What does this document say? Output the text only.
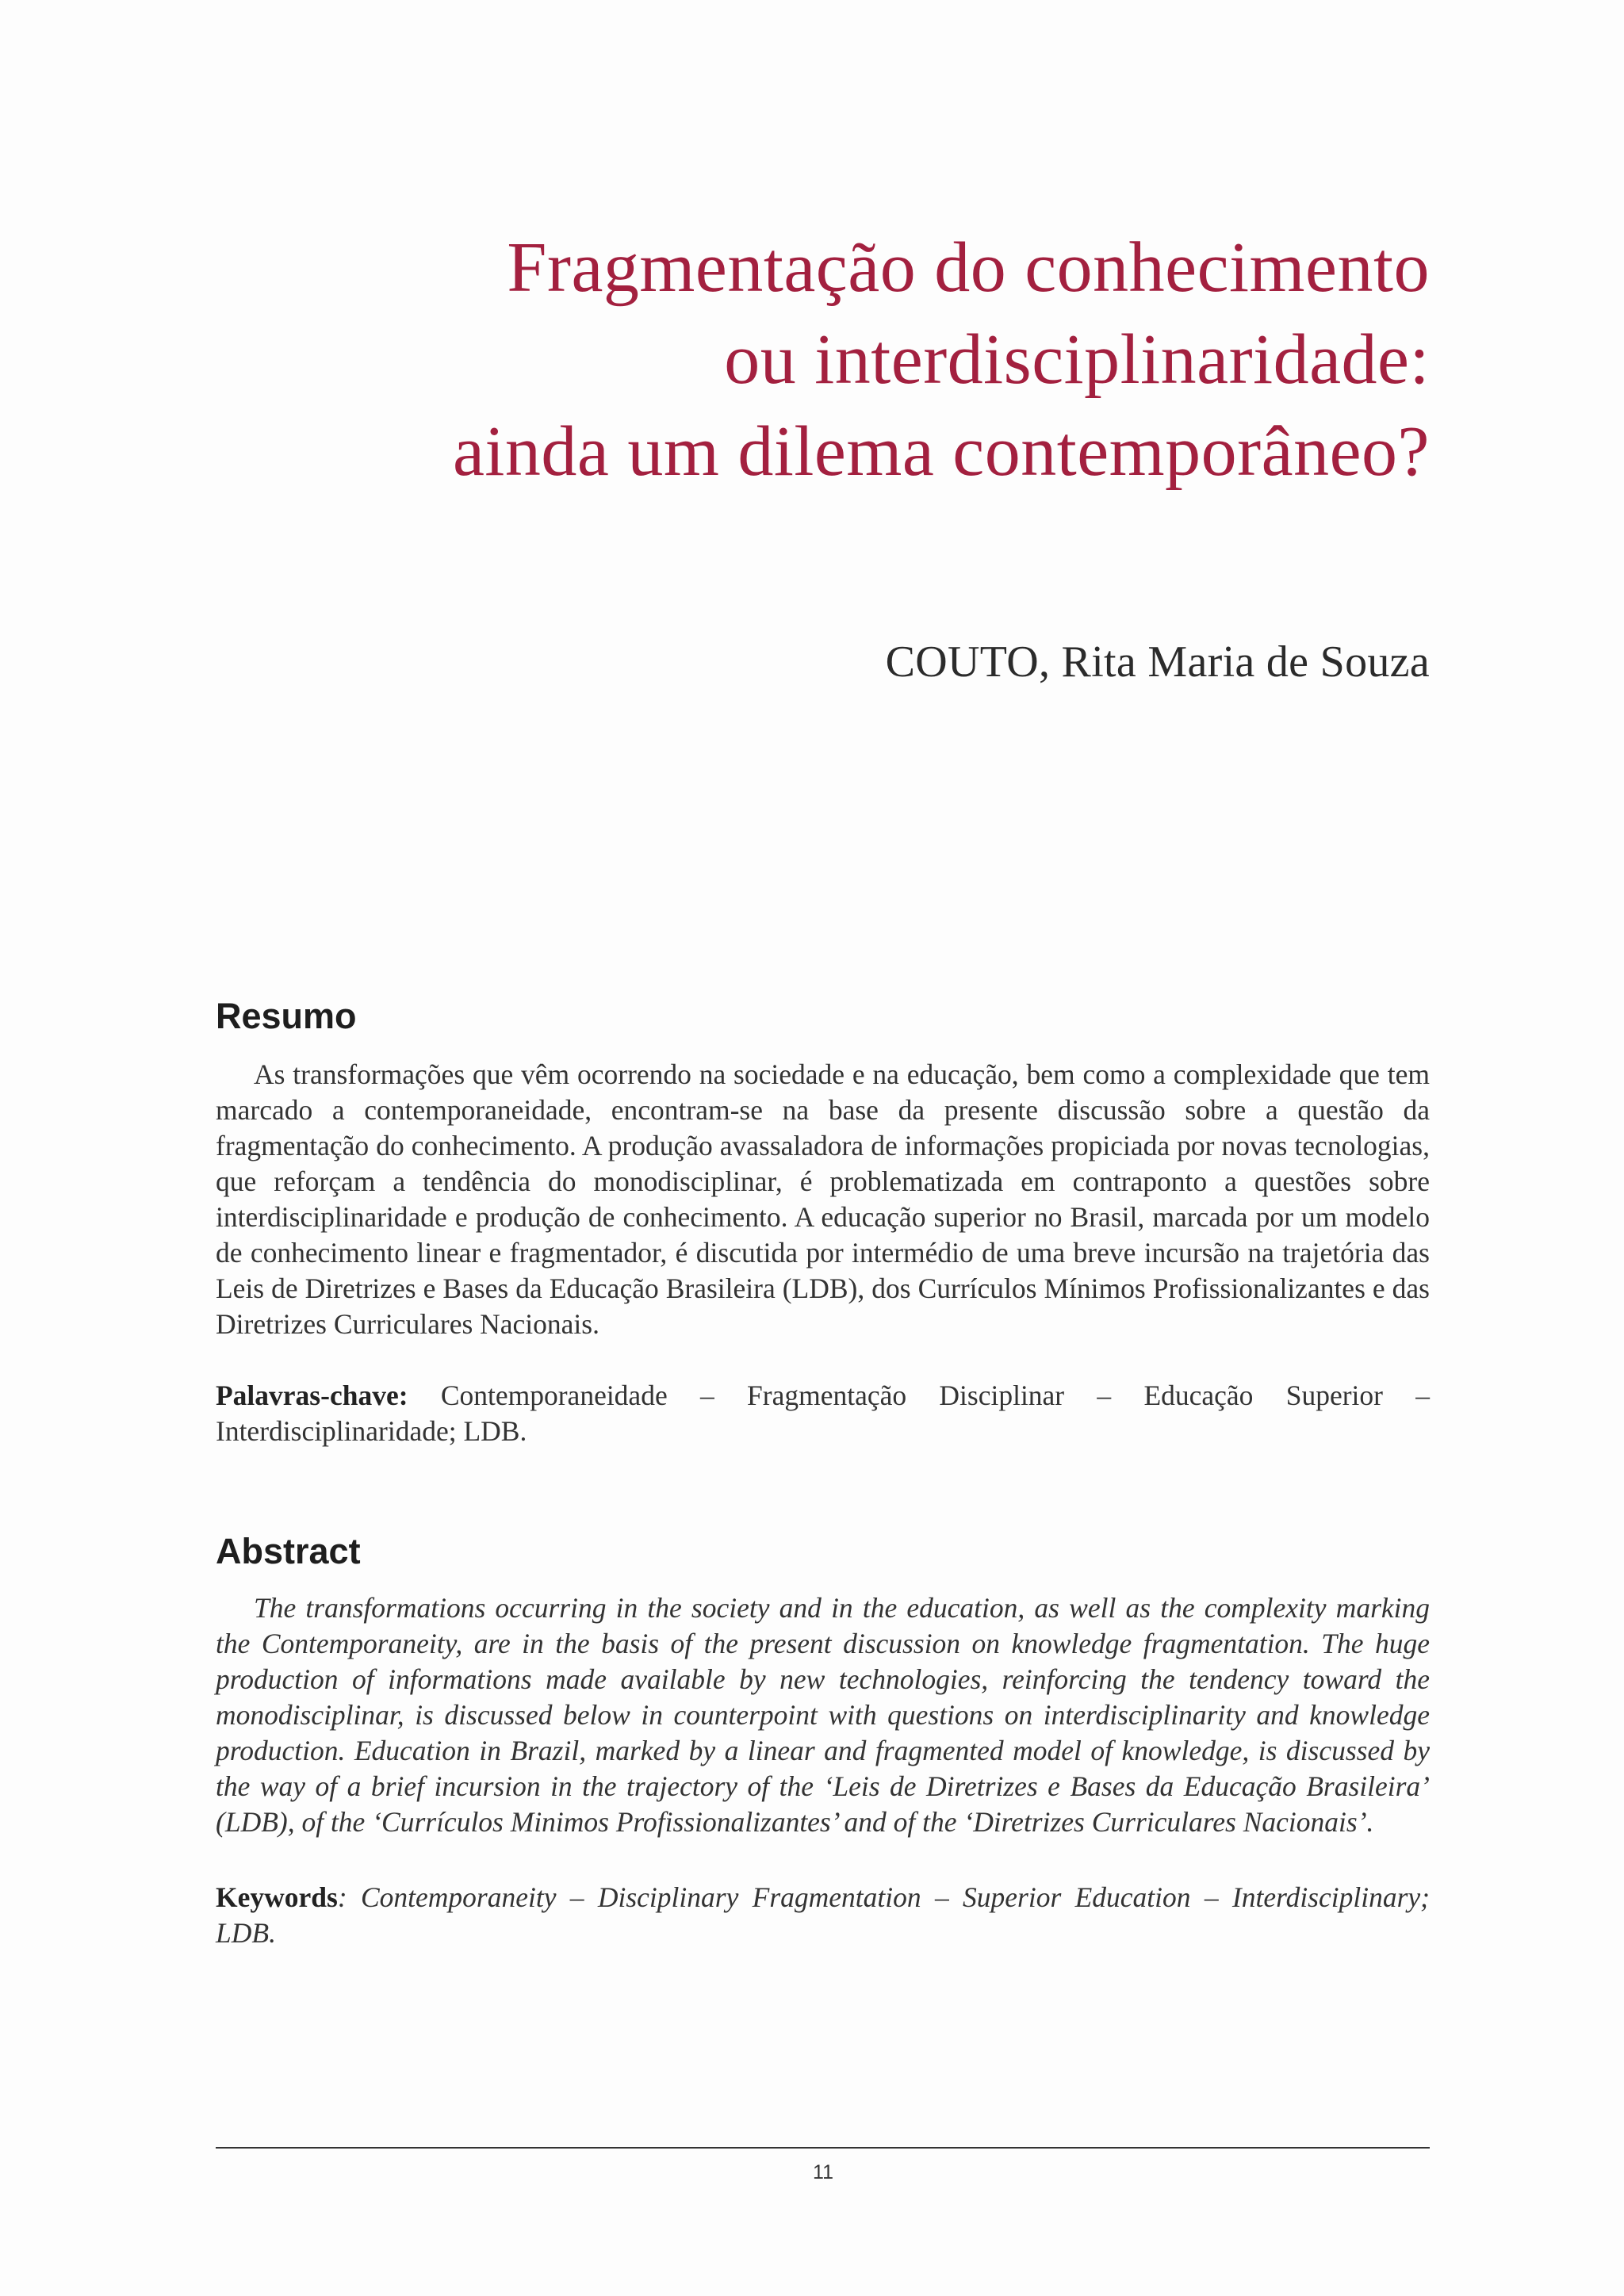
Fragmentação do conhecimento
ou interdisciplinaridade:
ainda um dilema contemporâneo?
COUTO, Rita Maria de Souza
Resumo

As transformações que vêm ocorrendo na sociedade e na educação, bem como a complexidade que tem marcado a contemporaneidade, encontram-se na base da presente discussão sobre a questão da fragmentação do conhecimento. A produção avassaladora de informações propiciada por novas tecnologias, que reforçam a tendência do monodisciplinar, é problematizada em contraponto a questões sobre interdisciplinaridade e produção de conhecimento. A educação superior no Brasil, marcada por um modelo de conhecimento linear e fragmentador, é discutida por intermédio de uma breve incursão na trajetória das Leis de Diretrizes e Bases da Educação Brasileira (LDB), dos Currículos Mínimos Profissionalizantes e das Diretrizes Curriculares Nacionais.

Palavras-chave: Contemporaneidade – Fragmentação Disciplinar – Educação Superior – Interdisciplinaridade; LDB.
Abstract

The transformations occurring in the society and in the education, as well as the complexity marking the Contemporaneity, are in the basis of the present discussion on knowledge fragmentation. The huge production of informations made available by new technologies, reinforcing the tendency toward the monodisciplinar, is discussed below in counterpoint with questions on interdisciplinarity and knowledge production. Education in Brazil, marked by a linear and fragmented model of knowledge, is discussed by the way of a brief incursion in the trajectory of the ‘Leis de Diretrizes e Bases da Educação Brasileira’ (LDB), of the ‘Currículos Minimos Profissionalizantes’ and of the ‘Diretrizes Curriculares Nacionais’.

Keywords: Contemporaneity – Disciplinary Fragmentation – Superior Education – Interdisciplinary; LDB.
11
